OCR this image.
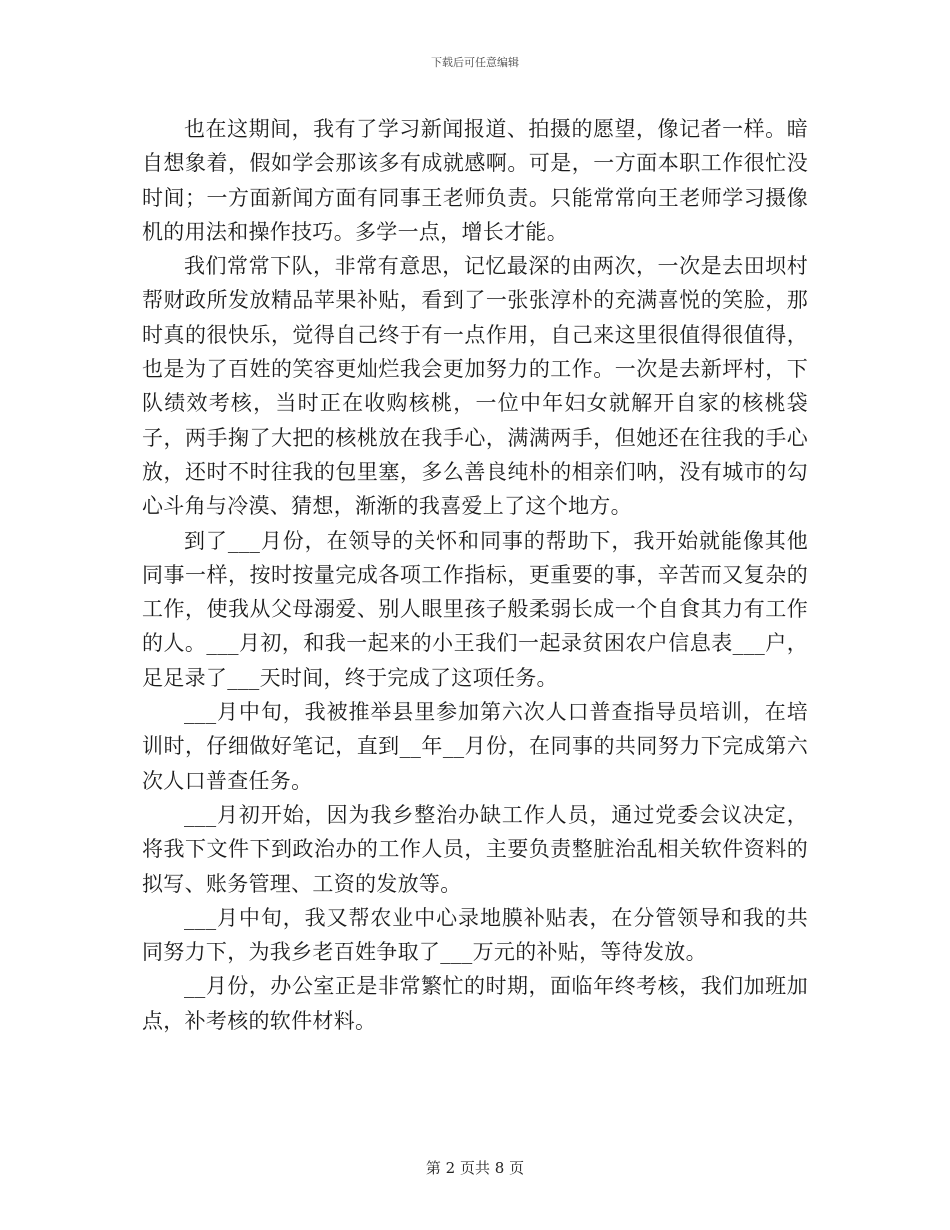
下载后可任意编辑

也在这期间，我有了学习新闻报道、拍摄的愿望，像记者一样。暗自想象着，假如学会那该多有成就感啊。可是，一方面本职工作很忙没时间；一方面新闻方面有同事王老师负责。只能常常向王老师学习摄像机的用法和操作技巧。多学一点，增长才能。

我们常常下队，非常有意思，记忆最深的由两次，一次是去田坝村帮财政所发放精品苹果补贴，看到了一张张淳朴的充满喜悦的笑脸，那时真的很快乐，觉得自己终于有一点作用，自己来这里很值得很值得，也是为了百姓的笑容更灿烂我会更加努力的工作。一次是去新坪村，下队绩效考核，当时正在收购核桃，一位中年妇女就解开自家的核桃袋子，两手掬了大把的核桃放在我手心，满满两手，但她还在往我的手心放，还时不时往我的包里塞，多么善良纯朴的相亲们呐，没有城市的勾心斗角与冷漠、猜想，渐渐的我喜爱上了这个地方。

到了___月份，在领导的关怀和同事的帮助下，我开始就能像其他同事一样，按时按量完成各项工作指标，更重要的事，辛苦而又复杂的工作，使我从父母溺爱、别人眼里孩子般柔弱长成一个自食其力有工作的人。___月初，和我一起来的小王我们一起录贫困农户信息表___户，足足录了___天时间，终于完成了这项任务。

___月中旬，我被推举县里参加第六次人口普查指导员培训，在培训时，仔细做好笔记，直到__年__月份，在同事的共同努力下完成第六次人口普查任务。

___月初开始，因为我乡整治办缺工作人员，通过党委会议决定，将我下文件下到政治办的工作人员，主要负责整脏治乱相关软件资料的拟写、账务管理、工资的发放等。

___月中旬，我又帮农业中心录地膜补贴表，在分管领导和我的共同努力下，为我乡老百姓争取了___万元的补贴，等待发放。

__月份，办公室正是非常繁忙的时期，面临年终考核，我们加班加点，补考核的软件材料。

第 2 页共 8 页
